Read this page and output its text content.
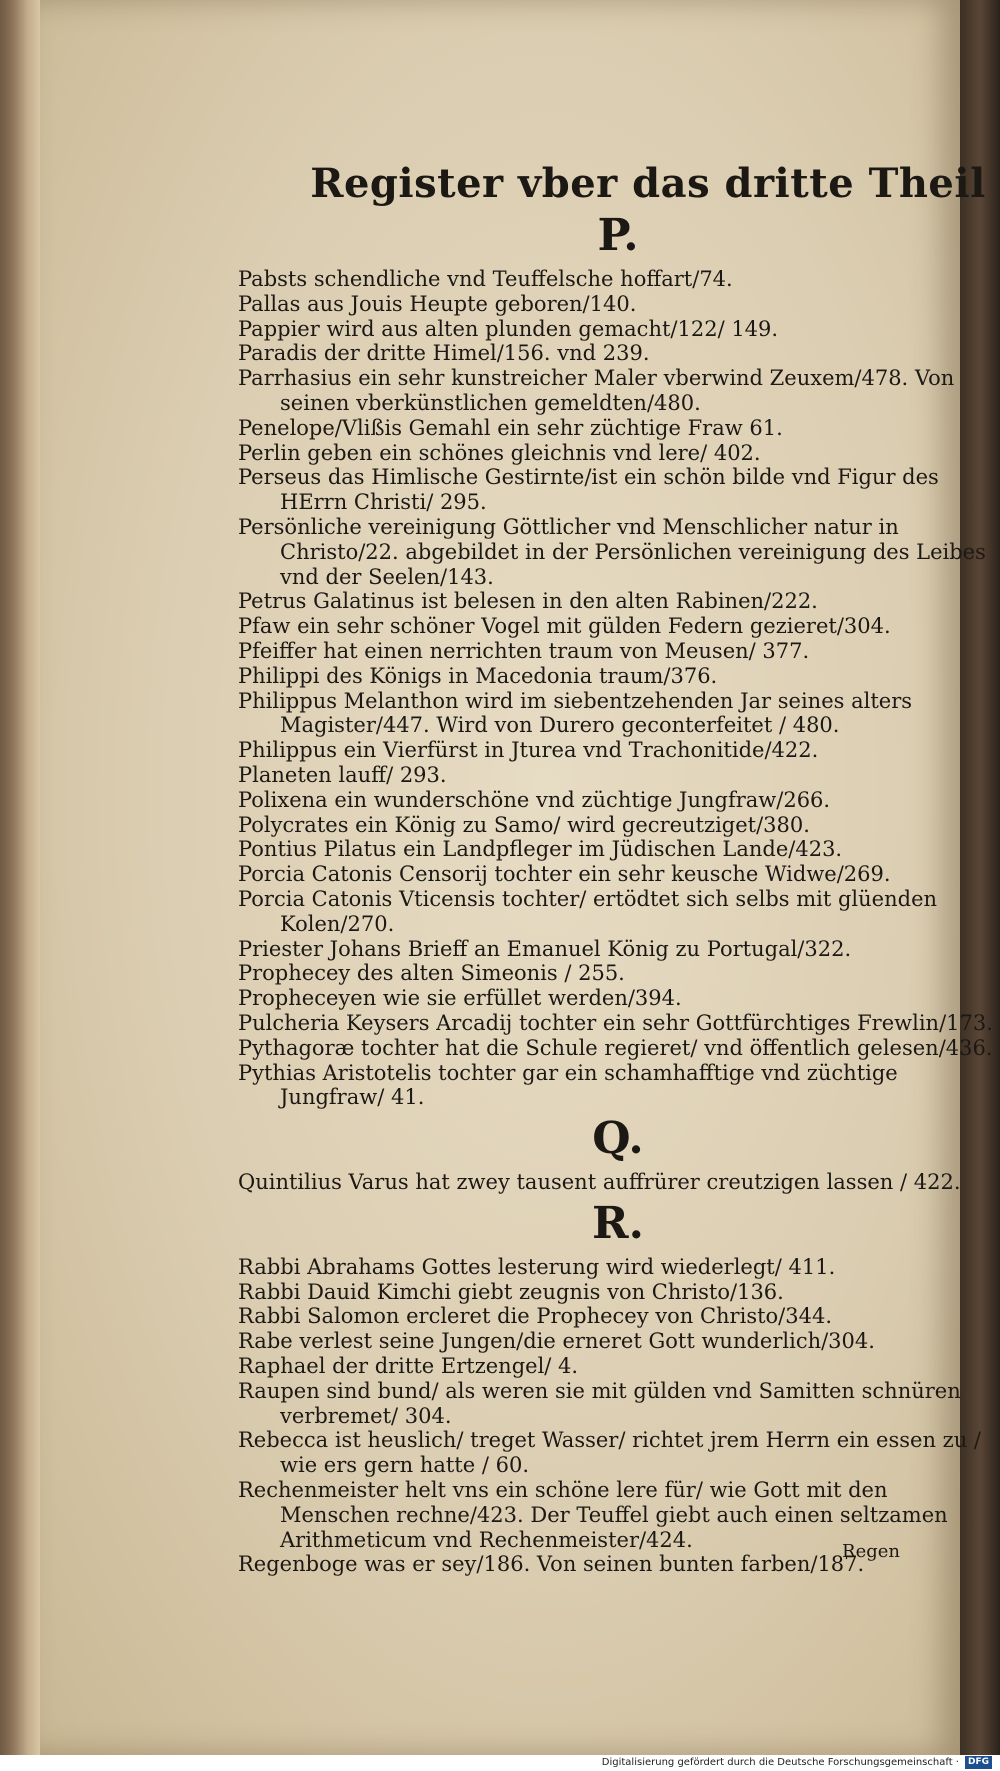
Register vber das dritte Theil
P.
Pabsts schendliche vnd Teuffelsche hoffart/74.
Pallas aus Jouis Heupte geboren/140.
Pappier wird aus alten plunden gemacht/122/ 149.
Paradis der dritte Himel/156. vnd 239.
Parrhasius ein sehr kunstreicher Maler vberwind Zeuxem/478. Von seinen vberkünstlichen gemeldten/480.
Penelope/Vlißis Gemahl ein sehr züchtige Fraw 61.
Perlin geben ein schönes gleichnis vnd lere/ 402.
Perseus das Himlische Gestirnte/ist ein schön bilde vnd Figur des HErrn Christi/ 295.
Persönliche vereinigung Göttlicher vnd Menschlicher natur in Christo/22. abgebildet in der Persönlichen vereinigung des Leibes vnd der Seelen/143.
Petrus Galatinus ist belesen in den alten Rabinen/222.
Pfaw ein sehr schöner Vogel mit gülden Federn gezieret/304.
Pfeiffer hat einen nerrichten traum von Meusen/ 377.
Philippi des Königs in Macedonia traum/376.
Philippus Melanthon wird im siebentzehenden Jar seines alters Magister/447. Wird von Durero geconterfeitet / 480.
Philippus ein Vierfürst in Jturea vnd Trachonitide/422.
Planeten lauff/ 293.
Polixena ein wunderschöne vnd züchtige Jungfraw/266.
Polycrates ein König zu Samo/ wird gecreutziget/380.
Pontius Pilatus ein Landpfleger im Jüdischen Lande/423.
Porcia Catonis Censorij tochter ein sehr keusche Widwe/269.
Porcia Catonis Vticensis tochter/ ertödtet sich selbs mit glüenden Kolen/270.
Priester Johans Brieff an Emanuel König zu Portugal/322.
Prophecey des alten Simeonis / 255.
Propheceyen wie sie erfüllet werden/394.
Pulcheria Keysers Arcadij tochter ein sehr Gottfürchtiges Frewlin/173.
Pythagoræ tochter hat die Schule regieret/ vnd öffentlich gelesen/436.
Pythias Aristotelis tochter gar ein schamhafftige vnd züchtige Jungfraw/ 41.
Q.
Quintilius Varus hat zwey tausent auffrürer creutzigen lassen / 422.
R.
Rabbi Abrahams Gottes lesterung wird wiederlegt/ 411.
Rabbi Dauid Kimchi giebt zeugnis von Christo/136.
Rabbi Salomon ercleret die Prophecey von Christo/344.
Rabe verlest seine Jungen/die erneret Gott wunderlich/304.
Raphael der dritte Ertzengel/ 4.
Raupen sind bund/ als weren sie mit gülden vnd Samitten schnüren verbremet/ 304.
Rebecca ist heuslich/ treget Wasser/ richtet jrem Herrn ein essen zu / wie ers gern hatte / 60.
Rechenmeister helt vns ein schöne lere für/ wie Gott mit den Menschen rechne/423. Der Teuffel giebt auch einen seltzamen Arithmeticum vnd Rechenmeister/424.
Regenboge was er sey/186. Von seinen bunten farben/187.
Regen
Digitalisierung gefördert durch die Deutsche Forschungsgemeinschaft · DFG
